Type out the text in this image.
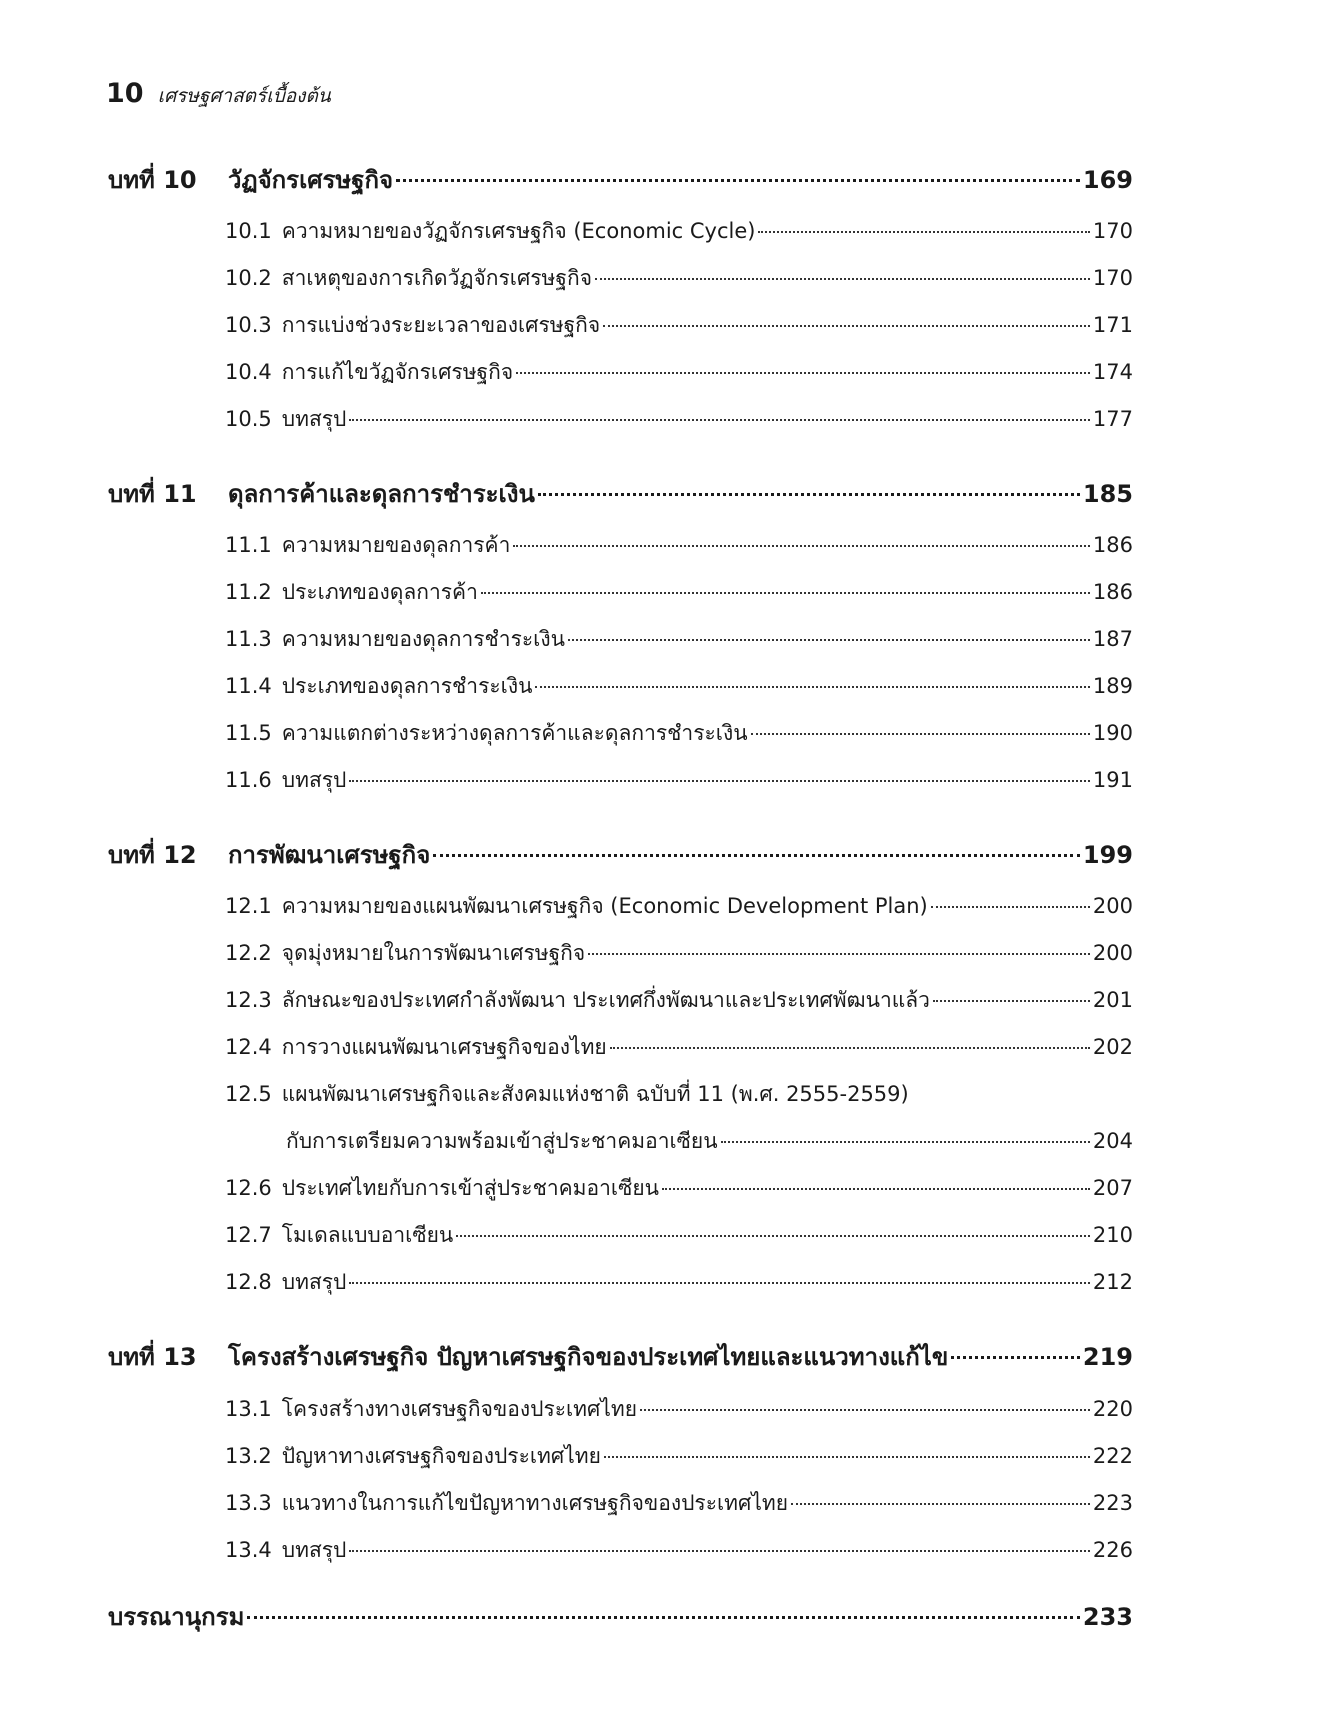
10 เศรษฐศาสตร์เบื้องต้น
บทที่ 10	วัฏจักรเศรษฐกิจ	169
10.1 ความหมายของวัฏจักรเศรษฐกิจ (Economic Cycle)	170
10.2 สาเหตุของการเกิดวัฏจักรเศรษฐกิจ	170
10.3 การแบ่งช่วงระยะเวลาของเศรษฐกิจ	171
10.4 การแก้ไขวัฏจักรเศรษฐกิจ	174
10.5 บทสรุป	177
บทที่ 11	ดุลการค้าและดุลการชำระเงิน	185
11.1 ความหมายของดุลการค้า	186
11.2 ประเภทของดุลการค้า	186
11.3 ความหมายของดุลการชำระเงิน	187
11.4 ประเภทของดุลการชำระเงิน	189
11.5 ความแตกต่างระหว่างดุลการค้าและดุลการชำระเงิน	190
11.6 บทสรุป	191
บทที่ 12	การพัฒนาเศรษฐกิจ	199
12.1 ความหมายของแผนพัฒนาเศรษฐกิจ (Economic Development Plan)	200
12.2 จุดมุ่งหมายในการพัฒนาเศรษฐกิจ	200
12.3 ลักษณะของประเทศกำลังพัฒนา ประเทศกึ่งพัฒนาและประเทศพัฒนาแล้ว	201
12.4 การวางแผนพัฒนาเศรษฐกิจของไทย	202
12.5 แผนพัฒนาเศรษฐกิจและสังคมแห่งชาติ ฉบับที่ 11 (พ.ศ. 2555-2559)
กับการเตรียมความพร้อมเข้าสู่ประชาคมอาเซียน	204
12.6 ประเทศไทยกับการเข้าสู่ประชาคมอาเซียน	207
12.7 โมเดลแบบอาเซียน	210
12.8 บทสรุป	212
บทที่ 13	โครงสร้างเศรษฐกิจ ปัญหาเศรษฐกิจของประเทศไทยและแนวทางแก้ไข	219
13.1 โครงสร้างทางเศรษฐกิจของประเทศไทย	220
13.2 ปัญหาทางเศรษฐกิจของประเทศไทย	222
13.3 แนวทางในการแก้ไขปัญหาทางเศรษฐกิจของประเทศไทย	223
13.4 บทสรุป	226
บรรณานุกรม	233
